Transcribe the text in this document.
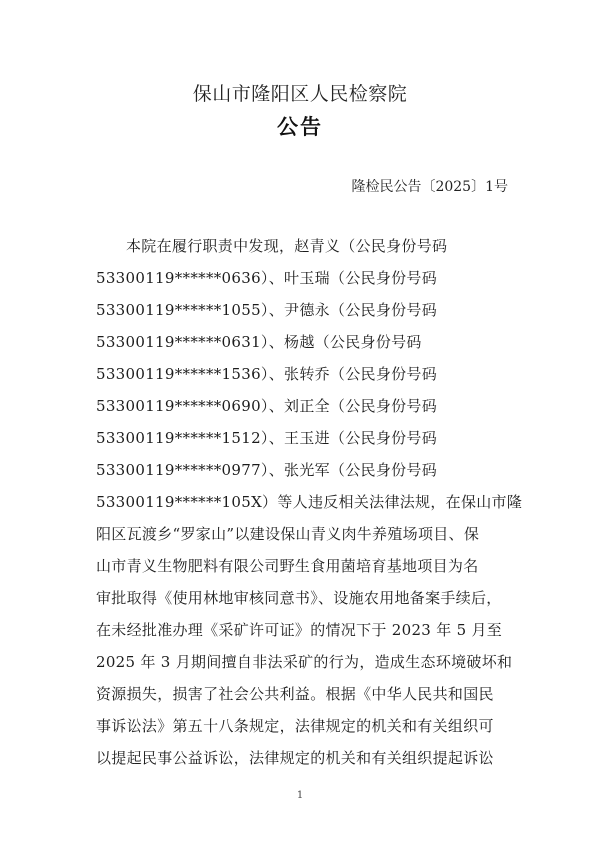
保山市隆阳区人民检察院
公告
隆检民公告〔2025〕1号
本院在履行职责中发现，赵青义（公民身份号码
53300119******0636）、叶玉瑞（公民身份号码
53300119******1055）、尹德永（公民身份号码
53300119******0631）、杨越（公民身份号码
53300119******1536）、张转乔（公民身份号码
53300119******0690）、刘正全（公民身份号码
53300119******1512）、王玉进（公民身份号码
53300119******0977）、张光军（公民身份号码
53300119******105X）等人违反相关法律法规，在保山市隆
阳区瓦渡乡“罗家山”以建设保山青义肉牛养殖场项目、保
山市青义生物肥料有限公司野生食用菌培育基地项目为名
审批取得《使用林地审核同意书》、设施农用地备案手续后，
在未经批准办理《采矿许可证》的情况下于 2023 年 5 月至
2025 年 3 月期间擅自非法采矿的行为，造成生态环境破坏和
资源损失，损害了社会公共利益。根据《中华人民共和国民
事诉讼法》第五十八条规定，法律规定的机关和有关组织可
以提起民事公益诉讼，法律规定的机关和有关组织提起诉讼
1
